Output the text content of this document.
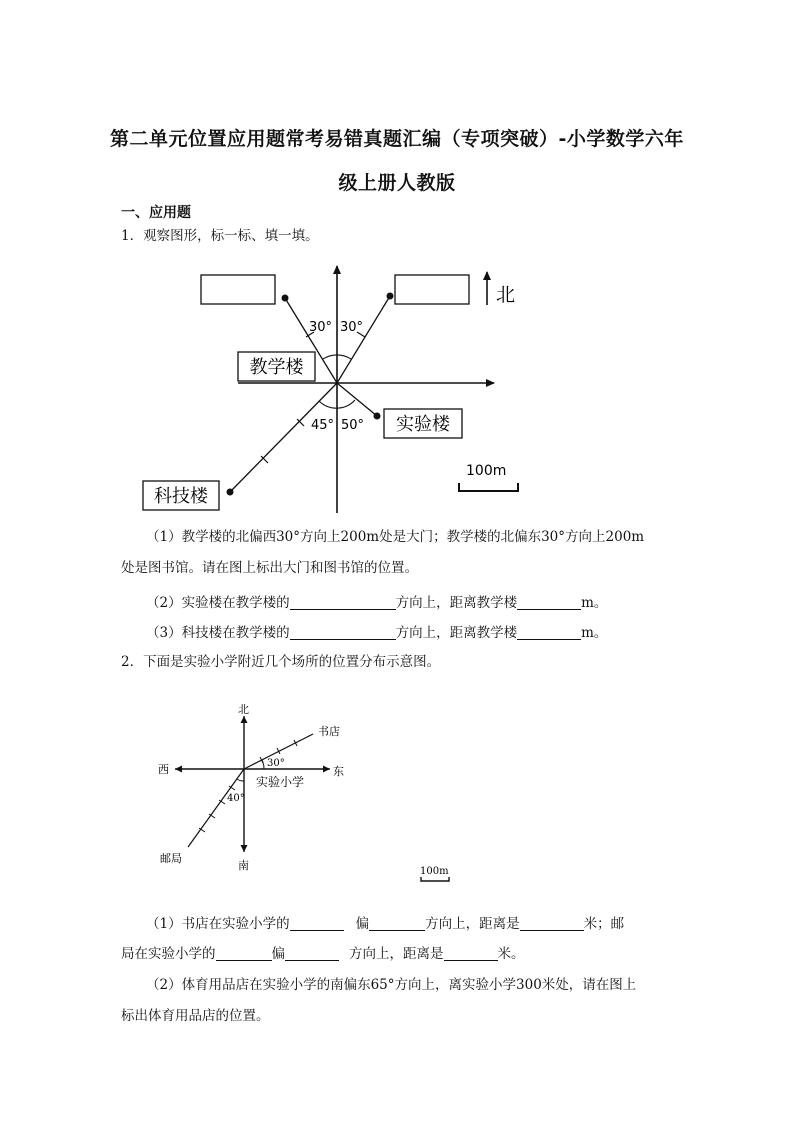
第二单元位置应用题常考易错真题汇编（专项突破）-小学数学六年
级上册人教版
一、应用题
1．观察图形，标一标、填一填。
北
30° 30°
45° 50°
教学楼
实验楼
科技楼
100m
（1）教学楼的北偏西30°方向上200m处是大门；教学楼的北偏东30°方向上200m
处是图书馆。请在图上标出大门和图书馆的位置。
（2）实验楼在教学楼的	方向上，距离教学楼	m。
（3）科技楼在教学楼的	方向上，距离教学楼	m。
2．下面是实验小学附近几个场所的位置分布示意图。
北
南
西	东
书店
30°
实验小学
40°
邮局
100m
（1）书店在实验小学的	偏	方向上，距离是	米；邮
局在实验小学的	偏	方向上，距离是	米。
（2）体育用品店在实验小学的南偏东65°方向上，离实验小学300米处，请在图上
标出体育用品店的位置。
